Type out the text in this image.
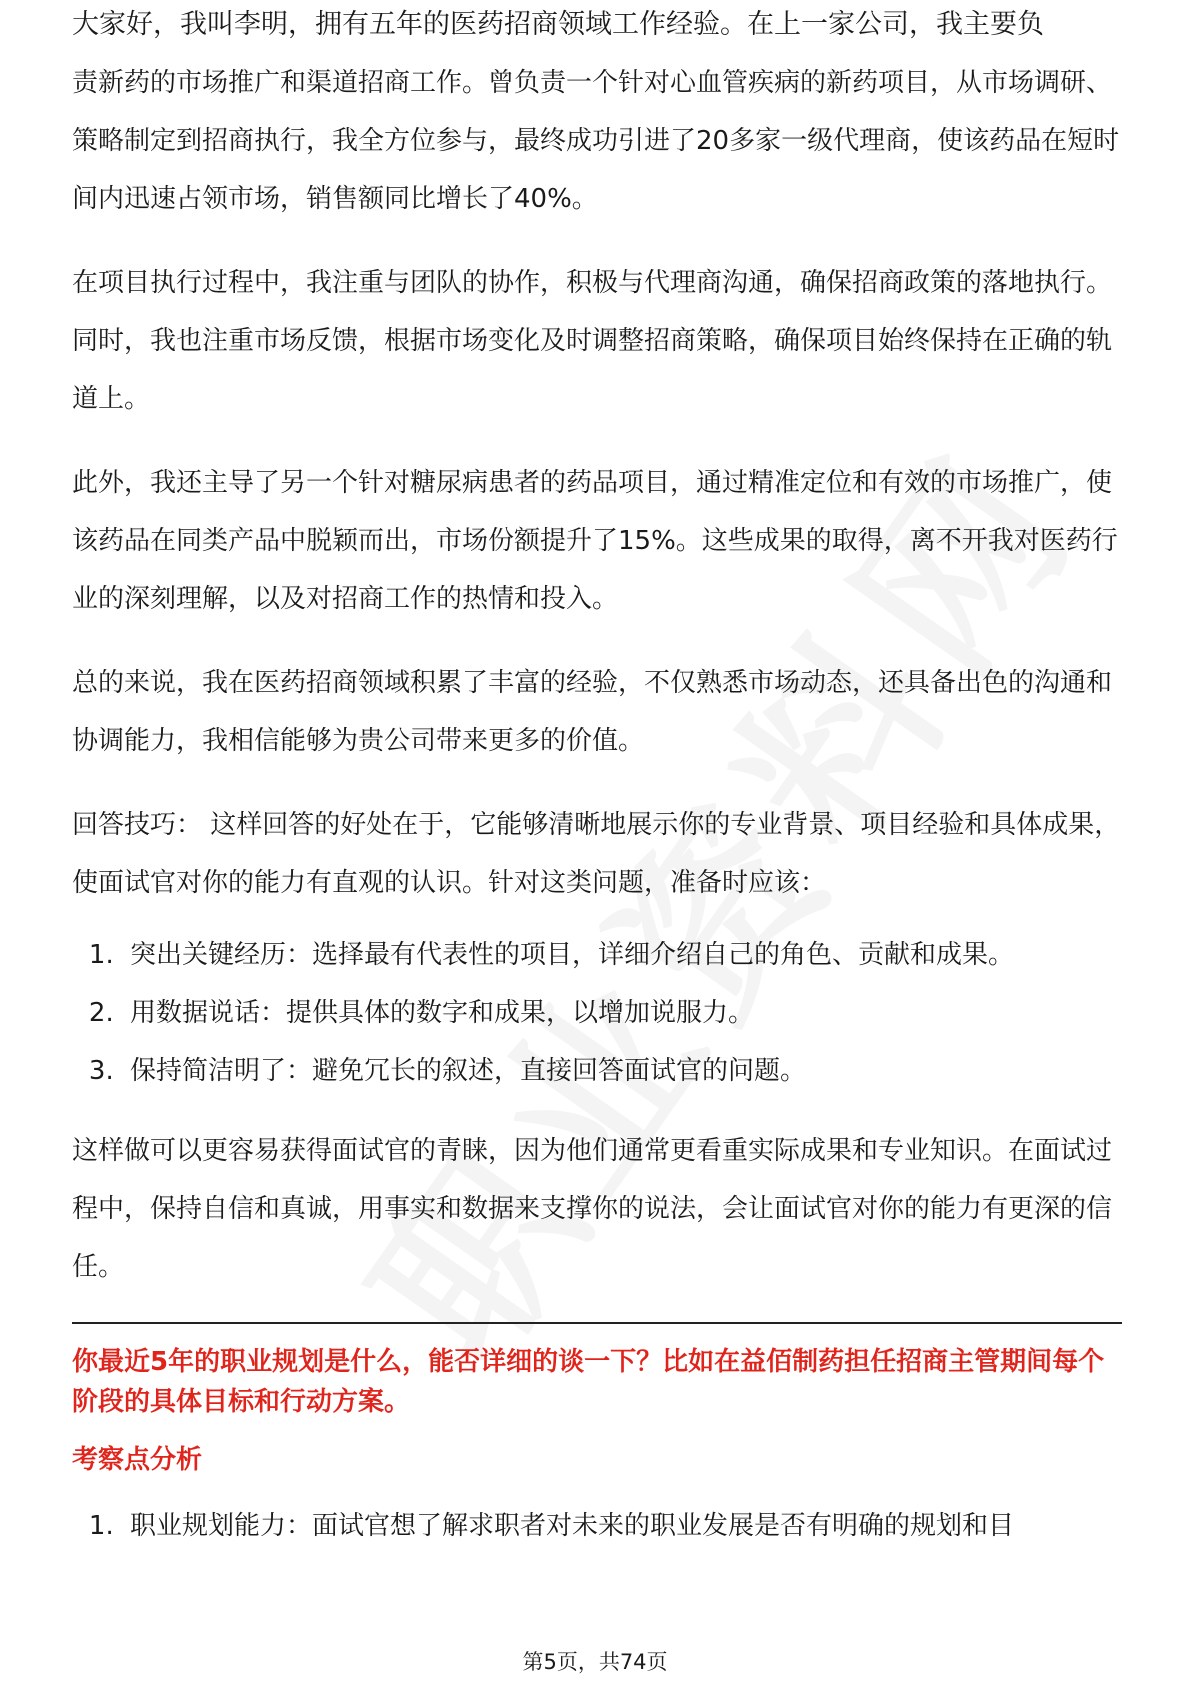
大家好，我叫李明，拥有五年的医药招商领域工作经验。在上一家公司，我主要负

责新药的市场推广和渠道招商工作。曾负责一个针对心血管疾病的新药项目，从市场调研、策略制定到招商执行，我全方位参与，最终成功引进了20多家一级代理商，使该药品在短时间内迅速占领市场，销售额同比增长了40%。

在项目执行过程中，我注重与团队的协作，积极与代理商沟通，确保招商政策的落地执行。同时，我也注重市场反馈，根据市场变化及时调整招商策略，确保项目始终保持在正确的轨道上。

此外，我还主导了另一个针对糖尿病患者的药品项目，通过精准定位和有效的市场推广，使该药品在同类产品中脱颖而出，市场份额提升了15%。这些成果的取得，离不开我对医药行业的深刻理解，以及对招商工作的热情和投入。

总的来说，我在医药招商领域积累了丰富的经验，不仅熟悉市场动态，还具备出色的沟通和协调能力，我相信能够为贵公司带来更多的价值。

回答技巧： 这样回答的好处在于，它能够清晰地展示你的专业背景、项目经验和具体成果，使面试官对你的能力有直观的认识。针对这类问题，准备时应该：

1. 突出关键经历：选择最有代表性的项目，详细介绍自己的角色、贡献和成果。
2. 用数据说话：提供具体的数字和成果，以增加说服力。
3. 保持简洁明了：避免冗长的叙述，直接回答面试官的问题。

这样做可以更容易获得面试官的青睐，因为他们通常更看重实际成果和专业知识。在面试过程中，保持自信和真诚，用事实和数据来支撑你的说法，会让面试官对你的能力有更深的信任。

你最近5年的职业规划是什么，能否详细的谈一下？比如在益佰制药担任招商主管期间每个阶段的具体目标和行动方案。

考察点分析

1. 职业规划能力：面试官想了解求职者对未来的职业发展是否有明确的规划和目
第5页，共74页
